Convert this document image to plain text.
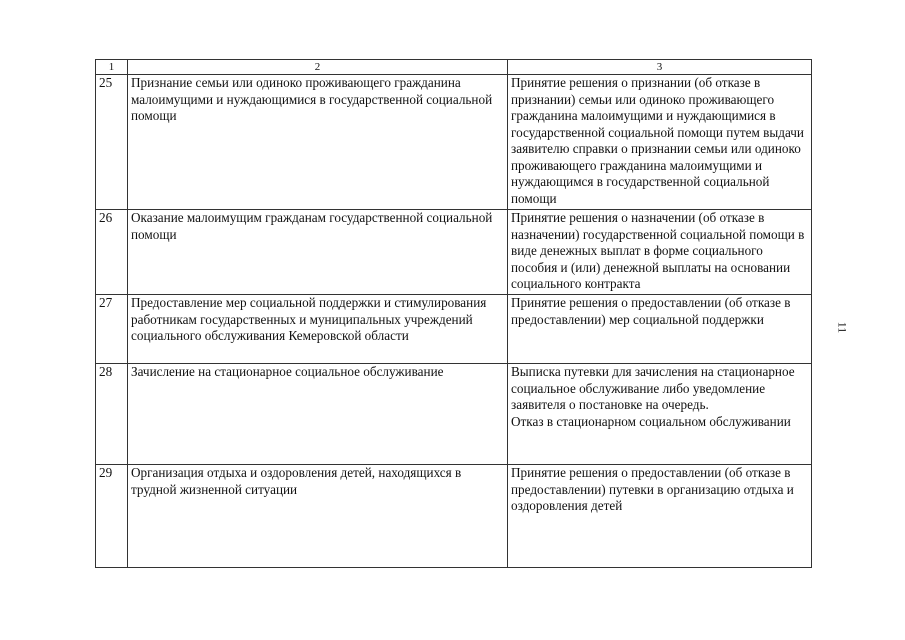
1	2	3
25	Признание семьи или одиноко проживающего гражданина малоимущими и нуждающимися в государственной социальной помощи	Принятие решения о признании (об отказе в признании) семьи или одиноко проживающего гражданина малоимущими и нуждающимися в государственной социальной помощи путем выдачи заявителю справки о признании семьи или одиноко проживающего гражданина малоимущими и нуждающимся в государственной социальной помощи
26	Оказание малоимущим гражданам государственной социальной помощи	Принятие решения о назначении (об отказе в назначении) государственной социальной помощи в виде денежных выплат в форме социального пособия и (или) денежной выплаты на основании социального контракта
27	Предоставление мер социальной поддержки и стимулирования работникам государственных и муниципальных учреждений социального обслуживания Кемеровской области	Принятие решения о предоставлении (об отказе в предоставлении) мер социальной поддержки
28	Зачисление на стационарное социальное обслуживание	Выписка путевки для зачисления на стационарное социальное обслуживание либо уведомление заявителя о постановке на очередь.
Отказ в стационарном социальном обслуживании

29	Организация отдыха и оздоровления детей, находящихся в трудной жизненной ситуации	Принятие решения о предоставлении (об отказе в предоставлении) путевки в организацию отдыха и оздоровления детей
11
